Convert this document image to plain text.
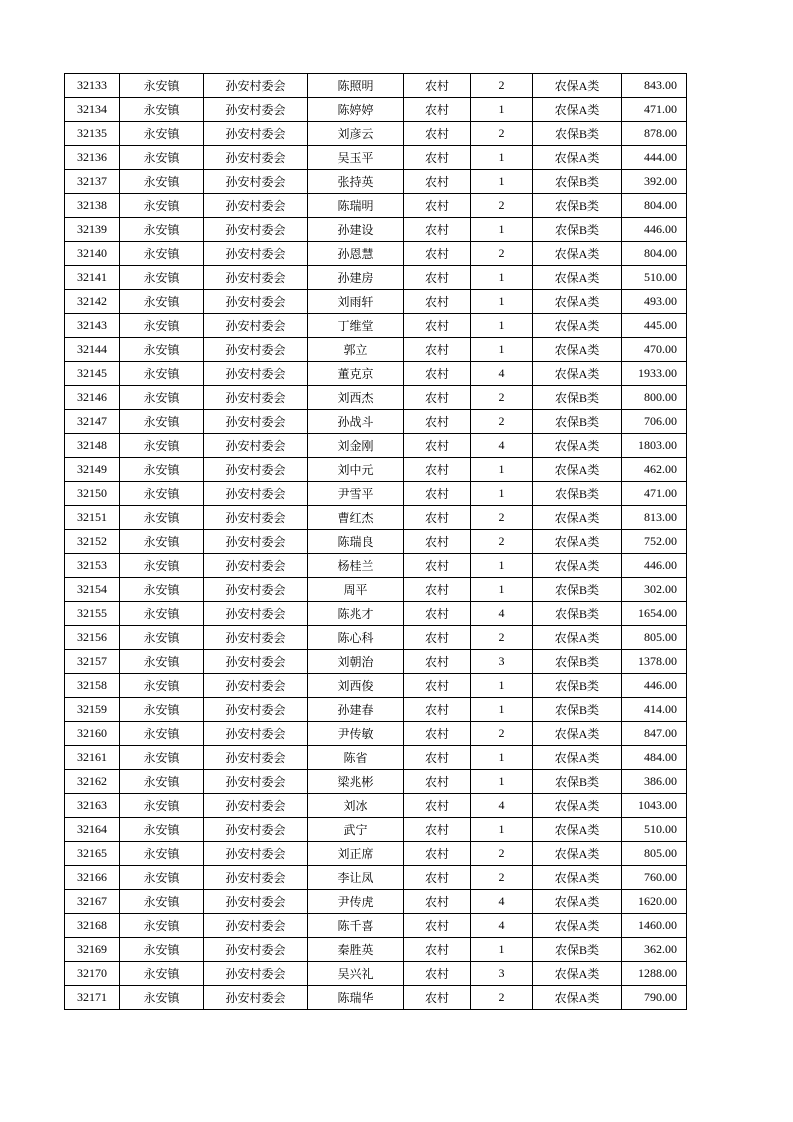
32133	永安镇	孙安村委会	陈照明	农村	2	农保A类	843.00
32134	永安镇	孙安村委会	陈婷婷	农村	1	农保A类	471.00
32135	永安镇	孙安村委会	刘彦云	农村	2	农保B类	878.00
32136	永安镇	孙安村委会	吴玉平	农村	1	农保A类	444.00
32137	永安镇	孙安村委会	张持英	农村	1	农保B类	392.00
32138	永安镇	孙安村委会	陈瑞明	农村	2	农保B类	804.00
32139	永安镇	孙安村委会	孙建设	农村	1	农保B类	446.00
32140	永安镇	孙安村委会	孙恩慧	农村	2	农保A类	804.00
32141	永安镇	孙安村委会	孙建房	农村	1	农保A类	510.00
32142	永安镇	孙安村委会	刘雨轩	农村	1	农保A类	493.00
32143	永安镇	孙安村委会	丁维堂	农村	1	农保A类	445.00
32144	永安镇	孙安村委会	郭立	农村	1	农保A类	470.00
32145	永安镇	孙安村委会	董克京	农村	4	农保A类	1933.00
32146	永安镇	孙安村委会	刘西杰	农村	2	农保B类	800.00
32147	永安镇	孙安村委会	孙战斗	农村	2	农保B类	706.00
32148	永安镇	孙安村委会	刘金刚	农村	4	农保A类	1803.00
32149	永安镇	孙安村委会	刘中元	农村	1	农保A类	462.00
32150	永安镇	孙安村委会	尹雪平	农村	1	农保B类	471.00
32151	永安镇	孙安村委会	曹红杰	农村	2	农保A类	813.00
32152	永安镇	孙安村委会	陈瑞良	农村	2	农保A类	752.00
32153	永安镇	孙安村委会	杨桂兰	农村	1	农保A类	446.00
32154	永安镇	孙安村委会	周平	农村	1	农保B类	302.00
32155	永安镇	孙安村委会	陈兆才	农村	4	农保B类	1654.00
32156	永安镇	孙安村委会	陈心科	农村	2	农保A类	805.00
32157	永安镇	孙安村委会	刘朝治	农村	3	农保B类	1378.00
32158	永安镇	孙安村委会	刘西俊	农村	1	农保B类	446.00
32159	永安镇	孙安村委会	孙建春	农村	1	农保B类	414.00
32160	永安镇	孙安村委会	尹传敏	农村	2	农保A类	847.00
32161	永安镇	孙安村委会	陈省	农村	1	农保A类	484.00
32162	永安镇	孙安村委会	梁兆彬	农村	1	农保B类	386.00
32163	永安镇	孙安村委会	刘冰	农村	4	农保A类	1043.00
32164	永安镇	孙安村委会	武宁	农村	1	农保A类	510.00
32165	永安镇	孙安村委会	刘正席	农村	2	农保A类	805.00
32166	永安镇	孙安村委会	李让凤	农村	2	农保A类	760.00
32167	永安镇	孙安村委会	尹传虎	农村	4	农保A类	1620.00
32168	永安镇	孙安村委会	陈千喜	农村	4	农保A类	1460.00
32169	永安镇	孙安村委会	秦胜英	农村	1	农保B类	362.00
32170	永安镇	孙安村委会	吴兴礼	农村	3	农保A类	1288.00
32171	永安镇	孙安村委会	陈瑞华	农村	2	农保A类	790.00
